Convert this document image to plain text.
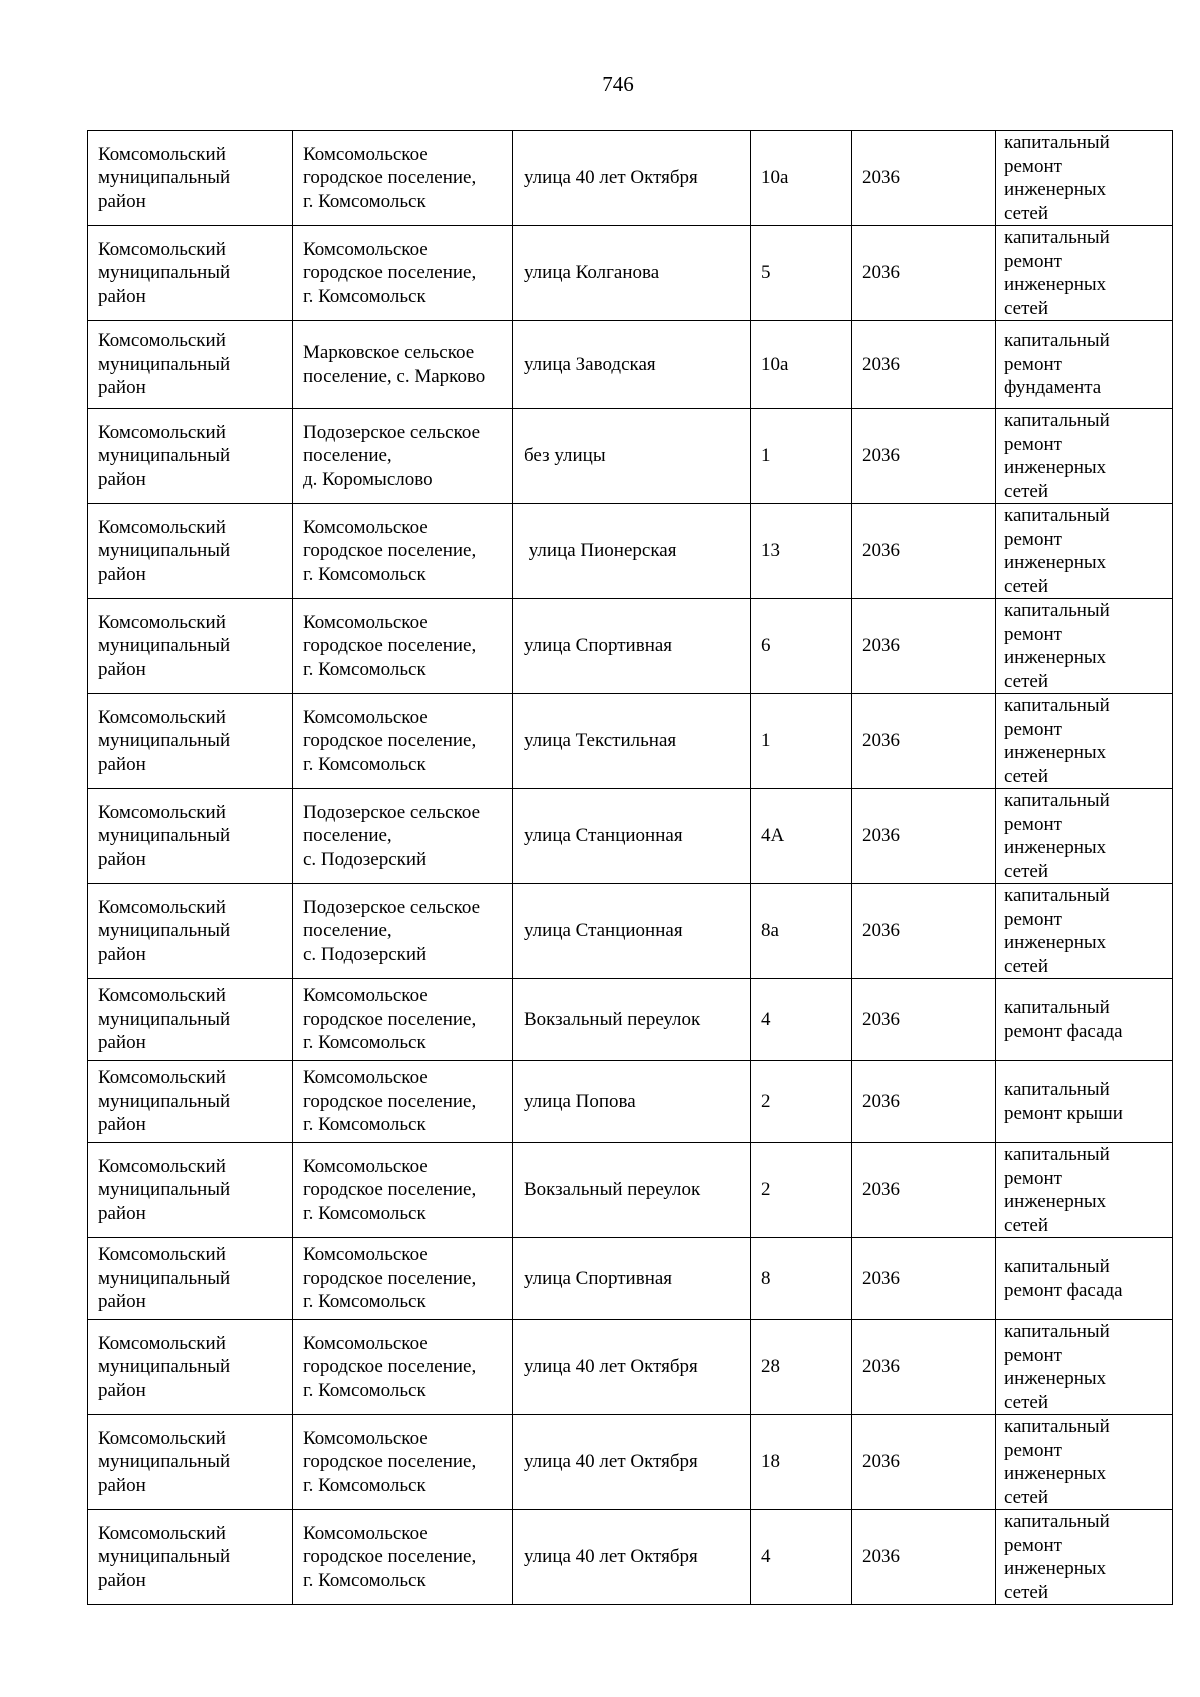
746
Комсомольский
муниципальный
район	Комсомольское
городское поселение,
г. Комсомольск	улица 40 лет Октября	10а	2036	капитальный
ремонт
инженерных
сетей

Комсомольский
муниципальный
район	Комсомольское
городское поселение,
г. Комсомольск	улица Колганова	5	2036	капитальный
ремонт
инженерных
сетей

Комсомольский
муниципальный
район	Марковское сельское
поселение, с. Марково	улица Заводская	10а	2036	капитальный
ремонт
фундамента

Комсомольский
муниципальный
район	Подозерское сельское
поселение,
д. Коромыслово	без улицы	1	2036	капитальный
ремонт
инженерных
сетей

Комсомольский
муниципальный
район	Комсомольское
городское поселение,
г. Комсомольск	улица Пионерская	13	2036	капитальный
ремонт
инженерных
сетей

Комсомольский
муниципальный
район	Комсомольское
городское поселение,
г. Комсомольск	улица Спортивная	6	2036	капитальный
ремонт
инженерных
сетей

Комсомольский
муниципальный
район	Комсомольское
городское поселение,
г. Комсомольск	улица Текстильная	1	2036	капитальный
ремонт
инженерных
сетей

Комсомольский
муниципальный
район	Подозерское сельское
поселение,
с. Подозерский	улица Станционная	4А	2036	капитальный
ремонт
инженерных
сетей

Комсомольский
муниципальный
район	Подозерское сельское
поселение,
с. Подозерский	улица Станционная	8а	2036	капитальный
ремонт
инженерных
сетей

Комсомольский
муниципальный
район	Комсомольское
городское поселение,
г. Комсомольск	Вокзальный переулок	4	2036	капитальный
ремонт фасада

Комсомольский
муниципальный
район	Комсомольское
городское поселение,
г. Комсомольск	улица Попова	2	2036	капитальный
ремонт крыши

Комсомольский
муниципальный
район	Комсомольское
городское поселение,
г. Комсомольск	Вокзальный переулок	2	2036	капитальный
ремонт
инженерных
сетей

Комсомольский
муниципальный
район	Комсомольское
городское поселение,
г. Комсомольск	улица Спортивная	8	2036	капитальный
ремонт фасада

Комсомольский
муниципальный
район	Комсомольское
городское поселение,
г. Комсомольск	улица 40 лет Октября	28	2036	капитальный
ремонт
инженерных
сетей

Комсомольский
муниципальный
район	Комсомольское
городское поселение,
г. Комсомольск	улица 40 лет Октября	18	2036	капитальный
ремонт
инженерных
сетей

Комсомольский
муниципальный
район	Комсомольское
городское поселение,
г. Комсомольск	улица 40 лет Октября	4	2036	капитальный
ремонт
инженерных
сетей
